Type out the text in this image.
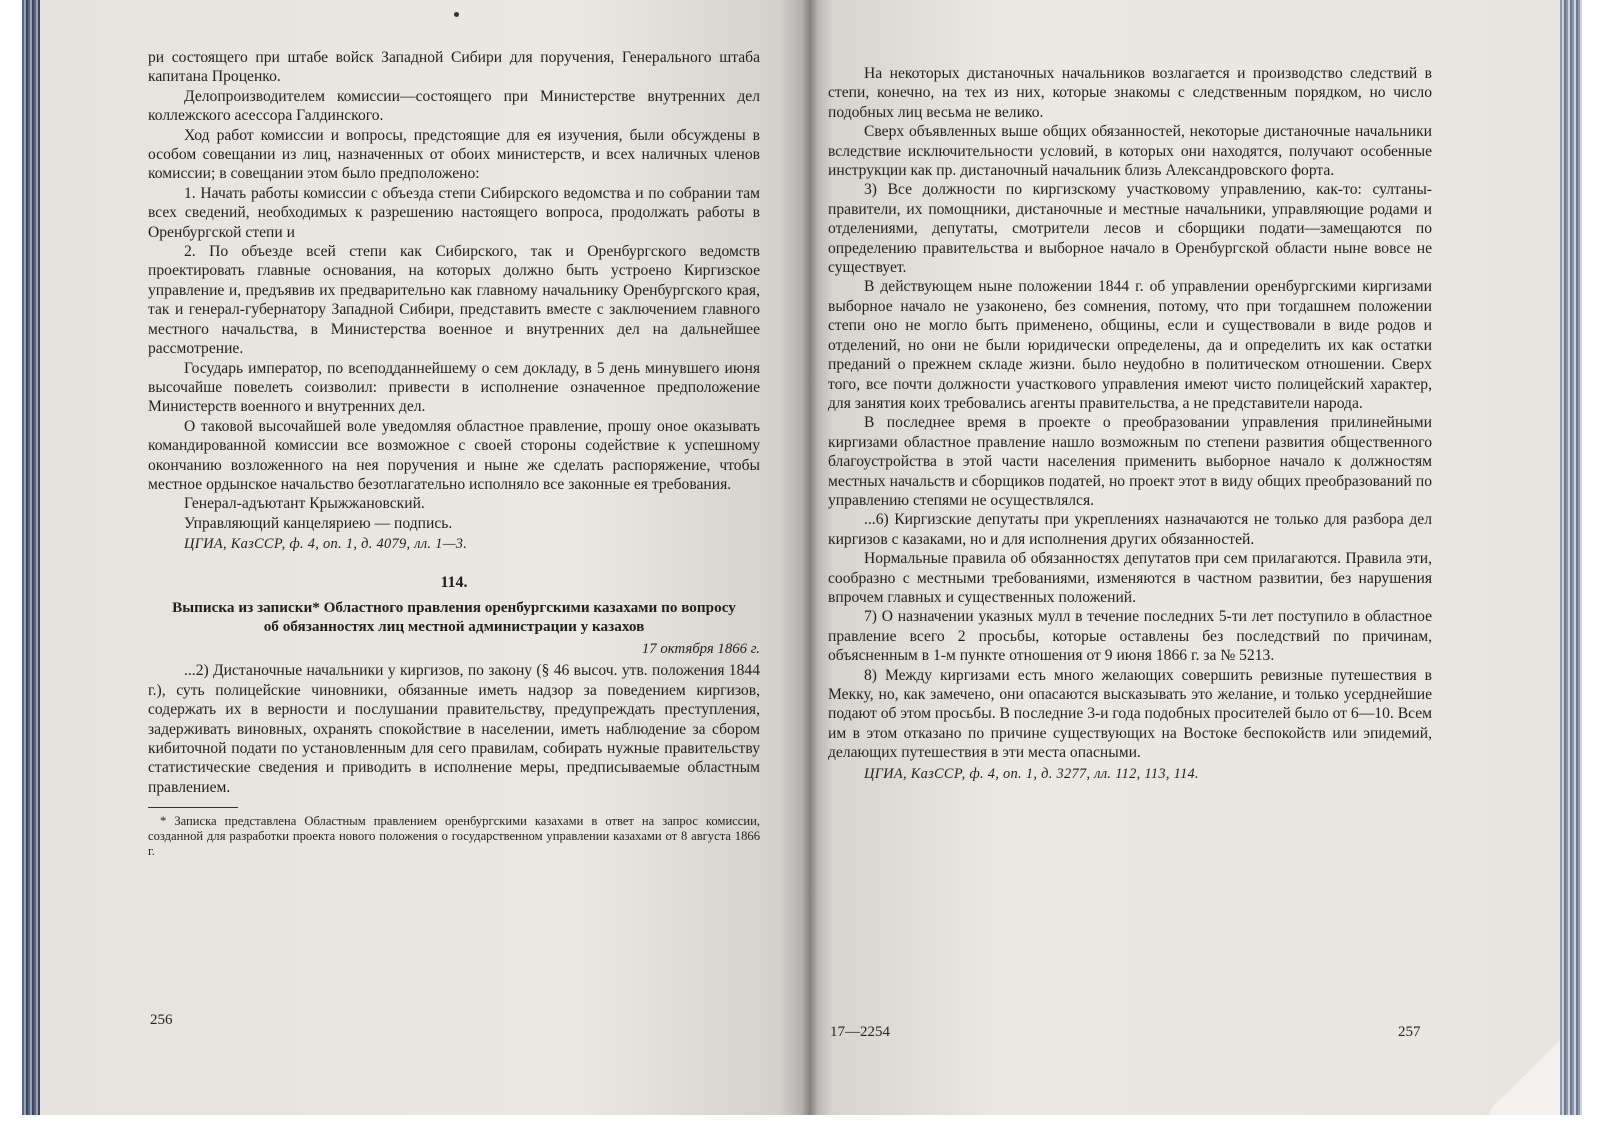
ри состоящего при штабе войск Западной Сибири для поручения, Генерального штаба капитана Проценко.

Делопроизводителем комиссии—состоящего при Министерстве внутренних дел коллежского асессора Галдинского.

Ход работ комиссии и вопросы, предстоящие для ея изучения, были обсуждены в особом совещании из лиц, назначенных от обоих министерств, и всех наличных членов комиссии; в совещании этом было предположено:

1. Начать работы комиссии с объезда степи Сибирского ведомства и по собрании там всех сведений, необходимых к разрешению настоящего вопроса, продолжать работы в Оренбургской степи и

2. По объезде всей степи как Сибирского, так и Оренбургского ведомств проектировать главные основания, на которых должно быть устроено Киргизское управление и, предъявив их предварительно как главному начальнику Оренбургского края, так и генерал-губернатору Западной Сибири, представить вместе с заключением главного местного начальства, в Министерства военное и внутренних дел на дальнейшее рассмотрение.

Государь император, по всеподданнейшему о сем докладу, в 5 день минувшего июня высочайше повелеть соизволил: привести в исполнение означенное предположение Министерств военного и внутренних дел.

О таковой высочайшей воле уведомляя областное правление, прошу оное оказывать командированной комиссии все возможное с своей стороны содействие к успешному окончанию возложенного на нея поручения и ныне же сделать распоряжение, чтобы местное ордынское начальство безотлагательно исполняло все законные ея требования.

Генерал-адъютант Крыжжановский.

Управляющий канцеляриею — подпись.

ЦГИА, КазССР, ф. 4, оп. 1, д. 4079, лл. 1—3.

114.

Выписка из записки* Областного правления оренбургскими казахами по вопросу об обязанностях лиц местной администрации у казахов

17 октября 1866 г.

...2) Дистаночные начальники у киргизов, по закону (§ 46 высоч. утв. положения 1844 г.), суть полицейские чиновники, обязанные иметь надзор за поведением киргизов, содержать их в верности и послушании правительству, предупреждать преступления, задерживать виновных, охранять спокойствие в населении, иметь наблюдение за сбором кибиточной подати по установленным для сего правилам, собирать нужные правительству статистические сведения и приводить в исполнение меры, предписываемые областным правлением.

* Записка представлена Областным правлением оренбургскими казахами в ответ на запрос комиссии, созданной для разработки проекта нового положения о государственном управлении казахами от 8 августа 1866 г.

256

На некоторых дистаночных начальников возлагается и производство следствий в степи, конечно, на тех из них, которые знакомы с следственным порядком, но число подобных лиц весьма не велико.

Сверх объявленных выше общих обязанностей, некоторые дистаночные начальники вследствие исключительности условий, в которых они находятся, получают особенные инструкции как пр. дистаночный начальник близь Александровского форта.

3) Все должности по киргизскому участковому управлению, как-то: султаны-правители, их помощники, дистаночные и местные начальники, управляющие родами и отделениями, депутаты, смотрители лесов и сборщики подати—замещаются по определению правительства и выборное начало в Оренбургской области ныне вовсе не существует.

В действующем ныне положении 1844 г. об управлении оренбургскими киргизами выборное начало не узаконено, без сомнения, потому, что при тогдашнем положении степи оно не могло быть применено, общины, если и существовали в виде родов и отделений, но они не были юридически определены, да и определить их как остатки преданий о прежнем складе жизни. было неудобно в политическом отношении. Сверх того, все почти должности участкового управления имеют чисто полицейский характер, для занятия коих требовались агенты правительства, а не представители народа.

В последнее время в проекте о преобразовании управления прилинейными киргизами областное правление нашло возможным по степени развития общественного благоустройства в этой части населения применить выборное начало к должностям местных начальств и сборщиков податей, но проект этот в виду общих преобразований по управлению степями не осуществлялся.

...6) Киргизские депутаты при укреплениях назначаются не только для разбора дел киргизов с казаками, но и для исполнения других обязанностей.

Нормальные правила об обязанностях депутатов при сем прилагаются. Правила эти, сообразно с местными требованиями, изменяются в частном развитии, без нарушения впрочем главных и существенных положений.

7) О назначении указных мулл в течение последних 5-ти лет поступило в областное правление всего 2 просьбы, которые оставлены без последствий по причинам, объясненным в 1-м пункте отношения от 9 июня 1866 г. за № 5213.

8) Между киргизами есть много желающих совершить ревизные путешествия в Мекку, но, как замечено, они опасаются высказывать это желание, и только усерднейшие подают об этом просьбы. В последние 3-и года подобных просителей было от 6—10. Всем им в этом отказано по причине существующих на Востоке беспокойств или эпидемий, делающих путешествия в эти места опасными.

ЦГИА, КазССР, ф. 4, оп. 1, д. 3277, лл. 112, 113, 114.

17—2254	257
